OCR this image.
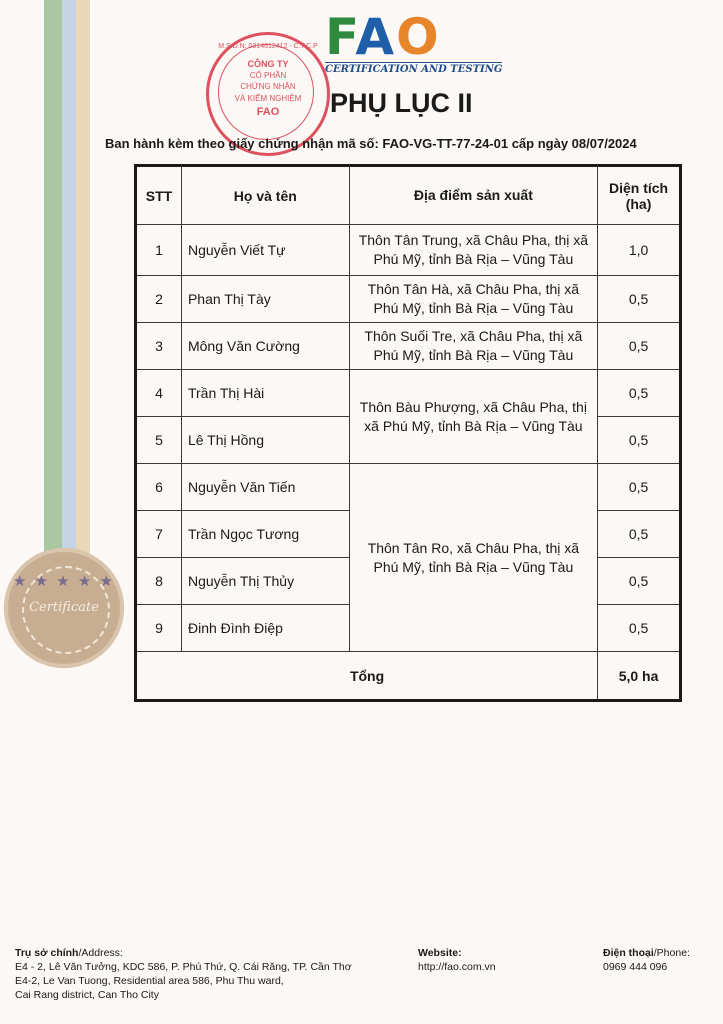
★ ★ ★ ★ ★
Certificate
FAO
CERTIFICATION AND TESTING
M.S.D.N: 0314612412 - C.T.C.P
CÔNG TY
CỔ PHẦN
CHỨNG NHẬN
VÀ KIỂM NGHIỆM
FAO	PHỤ LỤC II
Ban hành kèm theo giấy chứng nhận mã số: FAO-VG-TT-77-24-01 cấp ngày 08/07/2024
STT	Họ và tên	Địa điểm sản xuất	Diện tích (ha)
1	Nguyễn Viết Tự	Thôn Tân Trung, xã Châu Pha, thị xã Phú Mỹ, tỉnh Bà Rịa – Vũng Tàu	1,0
2	Phan Thị Tày	Thôn Tân Hà, xã Châu Pha, thị xã Phú Mỹ, tỉnh Bà Rịa – Vũng Tàu	0,5
3	Mông Văn Cường	Thôn Suối Tre, xã Châu Pha, thị xã Phú Mỹ, tỉnh Bà Rịa – Vũng Tàu	0,5
4	Trần Thị Hài	Thôn Bàu Phượng, xã Châu Pha, thị xã Phú Mỹ, tỉnh Bà Rịa – Vũng Tàu	0,5
5	Lê Thị Hồng		0,5
6	Nguyễn Văn Tiến	Thôn Tân Ro, xã Châu Pha, thị xã Phú Mỹ, tỉnh Bà Rịa – Vũng Tàu	0,5
7	Trần Ngọc Tương		0,5
8	Nguyễn Thị Thủy		0,5
9	Đinh Đình Điệp		0,5
Tổng			5,0 ha
Trụ sở chính/Address:
E4 - 2, Lê Văn Tưởng, KDC 586, P. Phú Thứ, Q. Cái Răng, TP. Cần Thơ
E4-2, Le Van Tuong, Residential area 586, Phu Thu ward,
Cai Rang district, Can Tho City
Website:
http://fao.com.vn
Điện thoại/Phone:
0969 444 096
